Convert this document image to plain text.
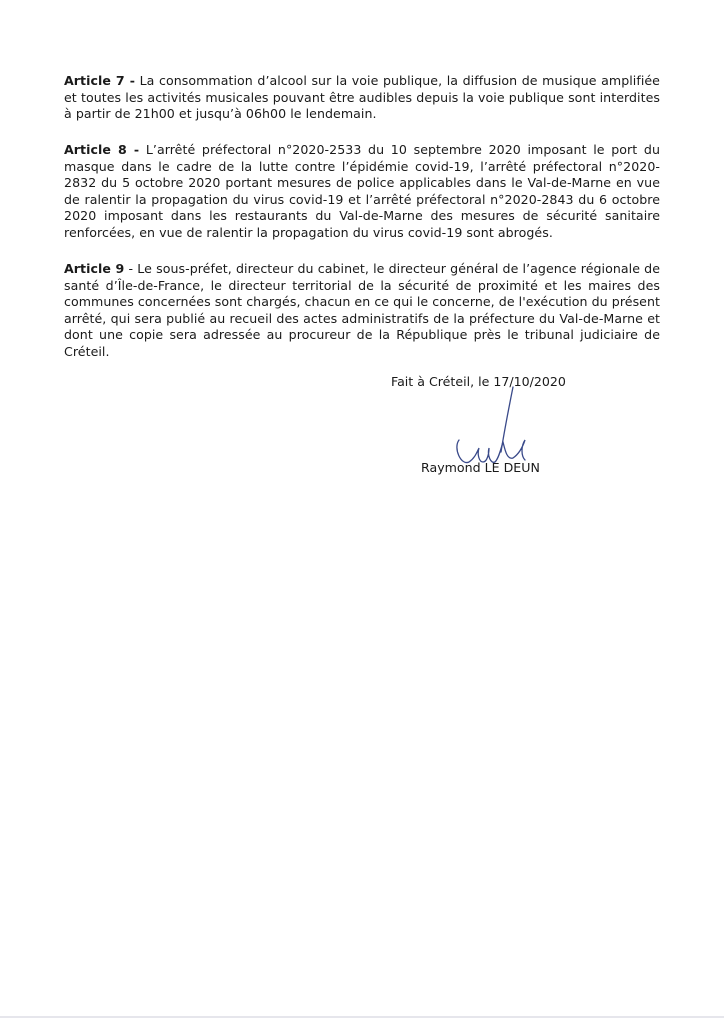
Article 7 - La consommation d’alcool sur la voie publique, la diffusion de musique amplifiée et toutes les activités musicales pouvant être audibles depuis la voie publique sont interdites à partir de 21h00 et jusqu’à 06h00 le lendemain.
Article 8 - L’arrêté préfectoral n°2020-2533 du 10 septembre 2020 imposant le port du masque dans le cadre de la lutte contre l’épidémie covid-19, l’arrêté préfectoral n°2020-2832 du 5 octobre 2020 portant mesures de police applicables dans le Val-de-Marne en vue de ralentir la propagation du virus covid-19 et l’arrêté préfectoral n°2020-2843 du 6 octobre 2020 imposant dans les restaurants du Val-de-Marne des mesures de sécurité sanitaire renforcées, en vue de ralentir la propagation du virus covid-19 sont abrogés.
Article 9 - Le sous-préfet, directeur du cabinet, le directeur général de l’agence régionale de santé d’Île-de-France, le directeur territorial de la sécurité de proximité et les maires des communes concernées sont chargés, chacun en ce qui le concerne, de l'exécution du présent arrêté, qui sera publié au recueil des actes administratifs de la préfecture du Val-de-Marne et dont une copie sera adressée au procureur de la République près le tribunal judiciaire de Créteil.
Fait à Créteil, le 17/10/2020
Raymond LE DEUN
